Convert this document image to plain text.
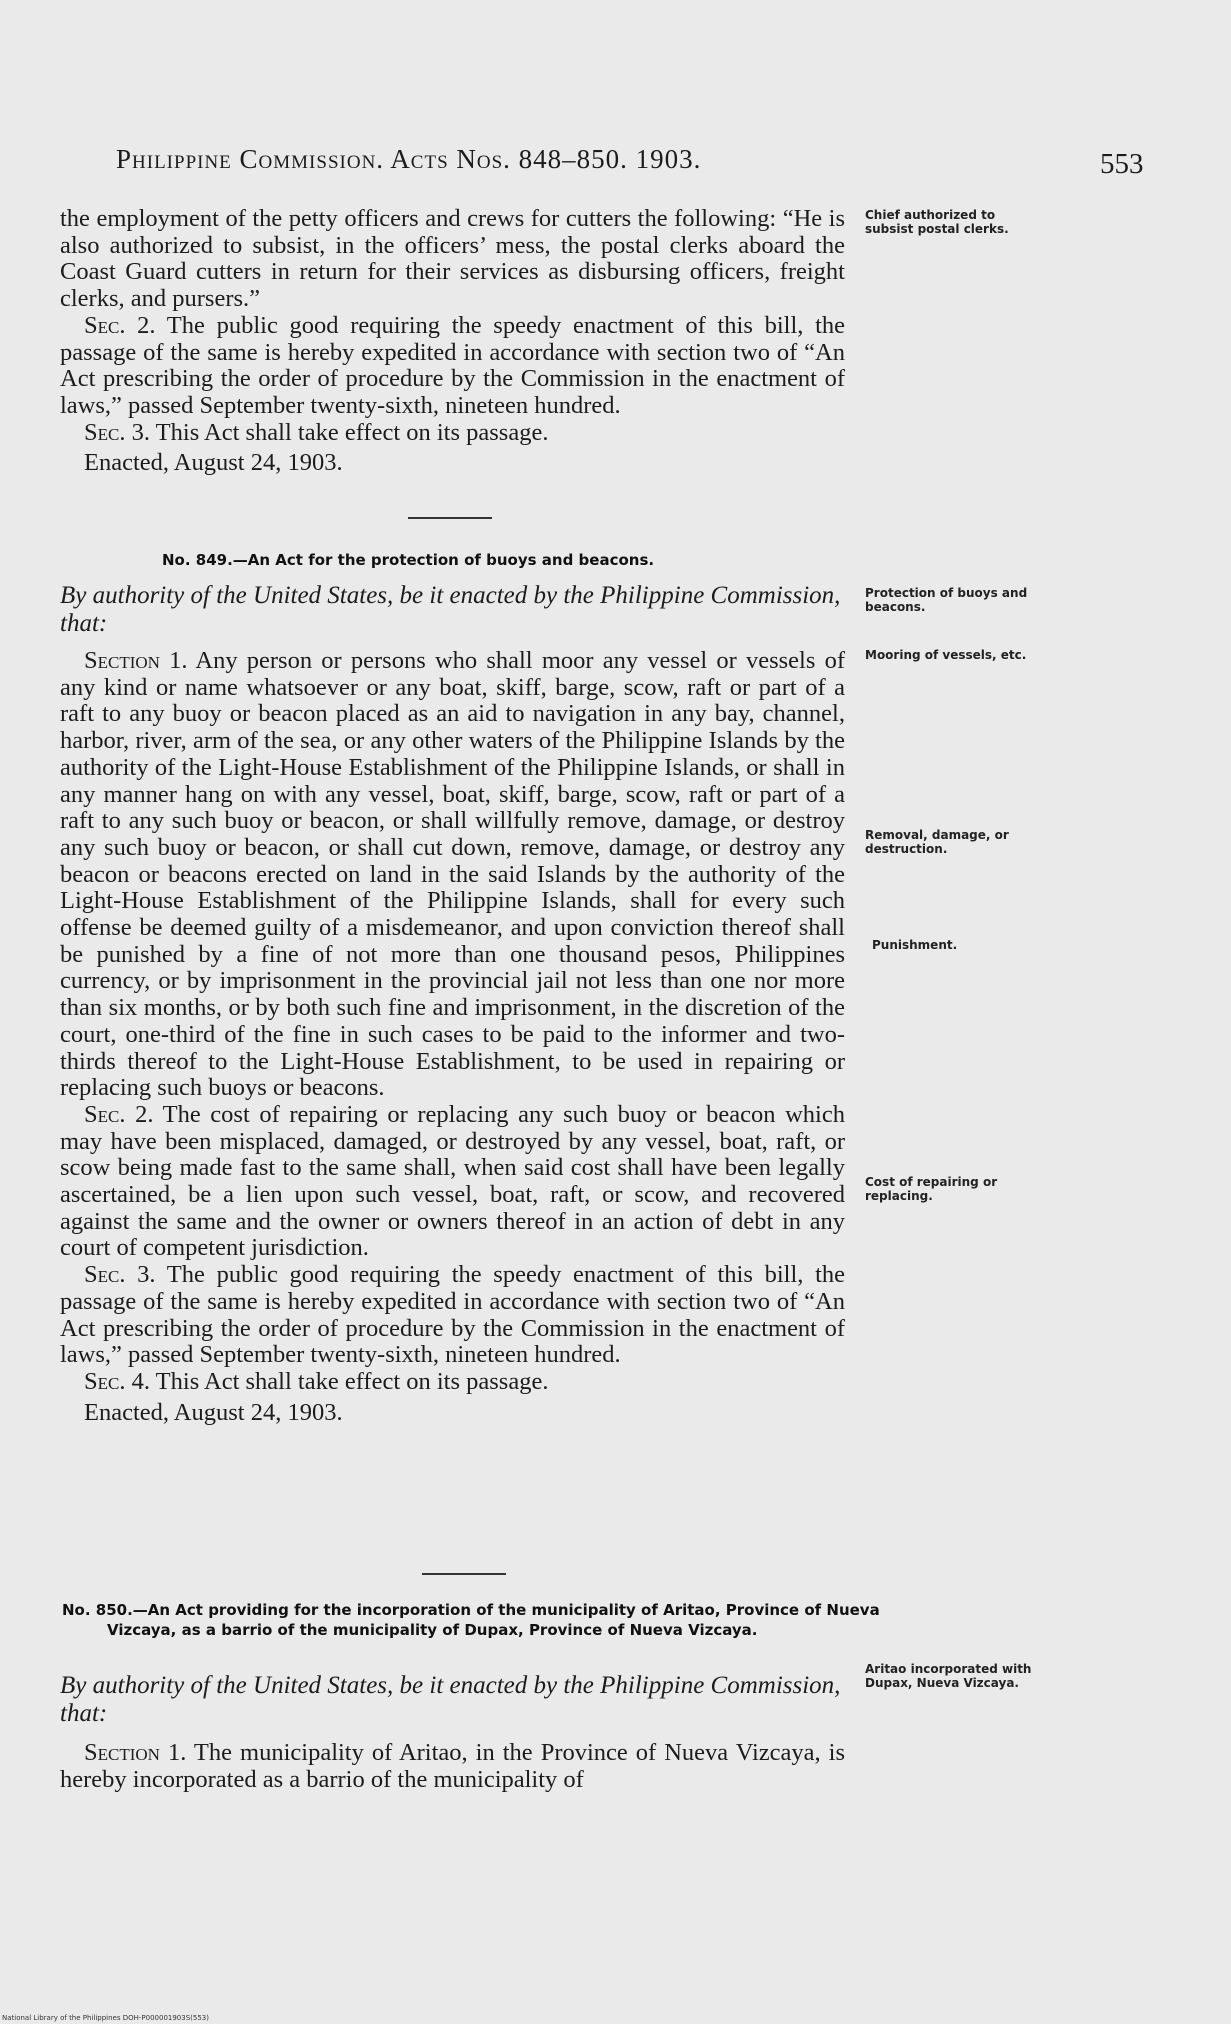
Philippine Commission. Acts Nos. 848–850. 1903.	553

the employment of the petty officers and crews for cutters the following: “He is also authorized to subsist, in the officers’ mess, the postal clerks aboard the Coast Guard cutters in return for their services as disbursing officers, freight clerks, and pursers.”

Sec. 2. The public good requiring the speedy enactment of this bill, the passage of the same is hereby expedited in accordance with section two of “An Act prescribing the order of procedure by the Commission in the enactment of laws,” passed September twenty-sixth, nineteen hundred.

Sec. 3. This Act shall take effect on its passage.

Enacted, August 24, 1903.

No. 849.—An Act for the protection of buoys and beacons.
By authority of the United States, be it enacted by the Philippine Commission, that:

Section 1. Any person or persons who shall moor any vessel or vessels of any kind or name whatsoever or any boat, skiff, barge, scow, raft or part of a raft to any buoy or beacon placed as an aid to navigation in any bay, channel, harbor, river, arm of the sea, or any other waters of the Philippine Islands by the authority of the Light-House Establishment of the Philippine Islands, or shall in any manner hang on with any vessel, boat, skiff, barge, scow, raft or part of a raft to any such buoy or beacon, or shall willfully remove, damage, or destroy any such buoy or beacon, or shall cut down, remove, damage, or destroy any beacon or beacons erected on land in the said Islands by the authority of the Light-House Establishment of the Philippine Islands, shall for every such offense be deemed guilty of a misdemeanor, and upon conviction thereof shall be punished by a fine of not more than one thousand pesos, Philippines currency, or by imprisonment in the provincial jail not less than one nor more than six months, or by both such fine and imprisonment, in the discretion of the court, one-third of the fine in such cases to be paid to the informer and two-thirds thereof to the Light-House Establishment, to be used in repairing or replacing such buoys or beacons.

Sec. 2. The cost of repairing or replacing any such buoy or beacon which may have been misplaced, damaged, or destroyed by any vessel, boat, raft, or scow being made fast to the same shall, when said cost shall have been legally ascertained, be a lien upon such vessel, boat, raft, or scow, and recovered against the same and the owner or owners thereof in an action of debt in any court of competent jurisdiction.

Sec. 3. The public good requiring the speedy enactment of this bill, the passage of the same is hereby expedited in accordance with section two of “An Act prescribing the order of procedure by the Commission in the enactment of laws,” passed September twenty-sixth, nineteen hundred.

Sec. 4. This Act shall take effect on its passage.

Enacted, August 24, 1903.

No. 850.—An Act providing for the incorporation of the municipality of Aritao, Province of Nueva Vizcaya, as a barrio of the municipality of Dupax, Province of Nueva Vizcaya.
By authority of the United States, be it enacted by the Philippine Commission, that:

Section 1. The municipality of Aritao, in the Province of Nueva Vizcaya, is hereby incorporated as a barrio of the municipality of

Chief authorized to subsist postal clerks.
Protection of buoys and beacons.
Mooring of vessels, etc.
Removal, damage, or destruction.
Punishment.
Cost of repairing or replacing.
Aritao incorporated with Dupax, Nueva Vizcaya.
National Library of the Philippines DOH-P000001903S(553)
